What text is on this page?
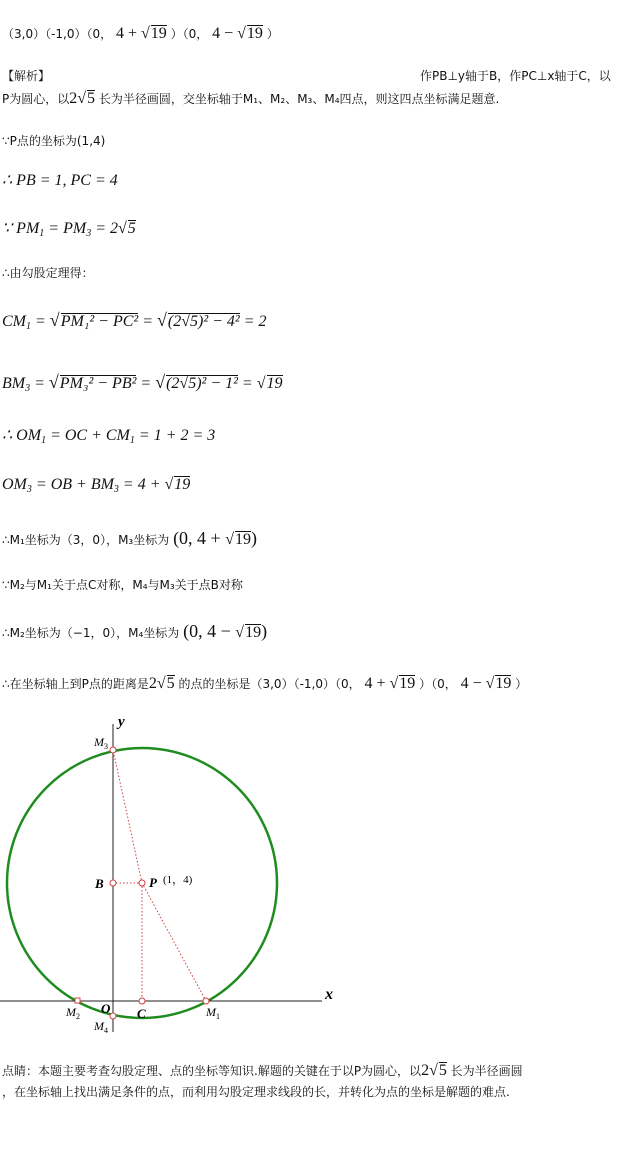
（3,0）（-1,0）（0， 4 + √19 ）（0， 4 − √19 ）
【解析】	作PB⊥y轴于B，作PC⊥x轴于C，以
P为圆心，以2√5 长为半径画圆，交坐标轴于M₁、M₂、M₃、M₄四点，则这四点坐标满足题意.
∵P点的坐标为(1,4)
∴ PB = 1, PC = 4
∵ $PM_1 = PM_3 = 2√5$
∴由勾股定理得：
$CM_1 = √PM_1^2 - PC^2 = √(2√5)^2 - 4^2 = 2$
$BM_3 = √PM_3^2 - PB^2 = √(2√5)^2 - 1^2 = √19$
∴ $OM_1$ = OC + $CM_1 = 1 + 2 = 3$
$OM_3$ = OB + $BM_3 = 4 + √19$
∴M₁坐标为（3，0），M₃坐标为 (0, 4 + √19)
∵M₂与M₁关于点C对称，M₄与M₃关于点B对称
∴M₂坐标为（−1，0），M₄坐标为 (0, 4 − √19)
∴在坐标轴上到P点的距离是2√5 的点的坐标是（3,0）（-1,0）（0， 4 + √19 ）（0， 4 − √19 ）
y
x
M 3
B	P (1，4)
M 2
O
M 4
C	M 1
点睛：本题主要考查勾股定理、点的坐标等知识.解题的关键在于以P为圆心，以2√5 长为半径画圆
，在坐标轴上找出满足条件的点，而利用勾股定理求线段的长，并转化为点的坐标是解题的难点.
